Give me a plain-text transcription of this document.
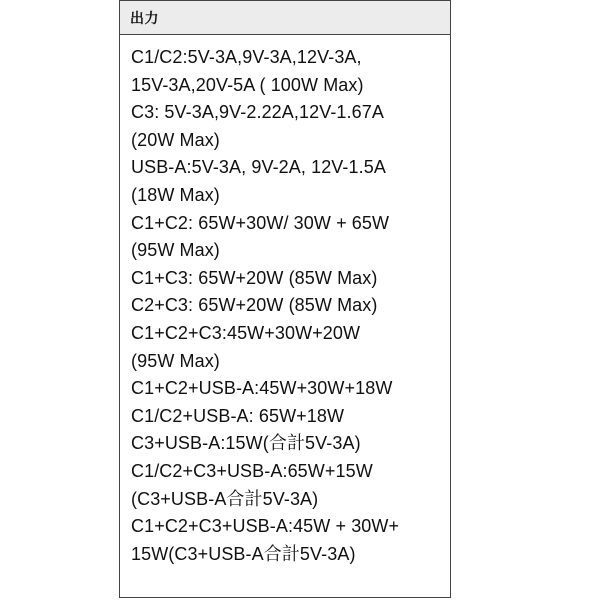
出力
C1/C2:5V-3A,9V-3A,12V-3A,
15V-3A,20V-5A ( 100W Max)
C3: 5V-3A,9V-2.22A,12V-1.67A
(20W Max)
USB-A:5V-3A, 9V-2A, 12V-1.5A
(18W Max)
C1+C2: 65W+30W/ 30W + 65W
(95W Max)
C1+C3: 65W+20W (85W Max)
C2+C3: 65W+20W (85W Max)
C1+C2+C3:45W+30W+20W
(95W Max)
C1+C2+USB-A:45W+30W+18W
C1/C2+USB-A: 65W+18W
C3+USB-A:15W(合計5V-3A)
C1/C2+C3+USB-A:65W+15W
(C3+USB-A合計5V-3A)
C1+C2+C3+USB-A:45W + 30W+
15W(C3+USB-A合計5V-3A)
